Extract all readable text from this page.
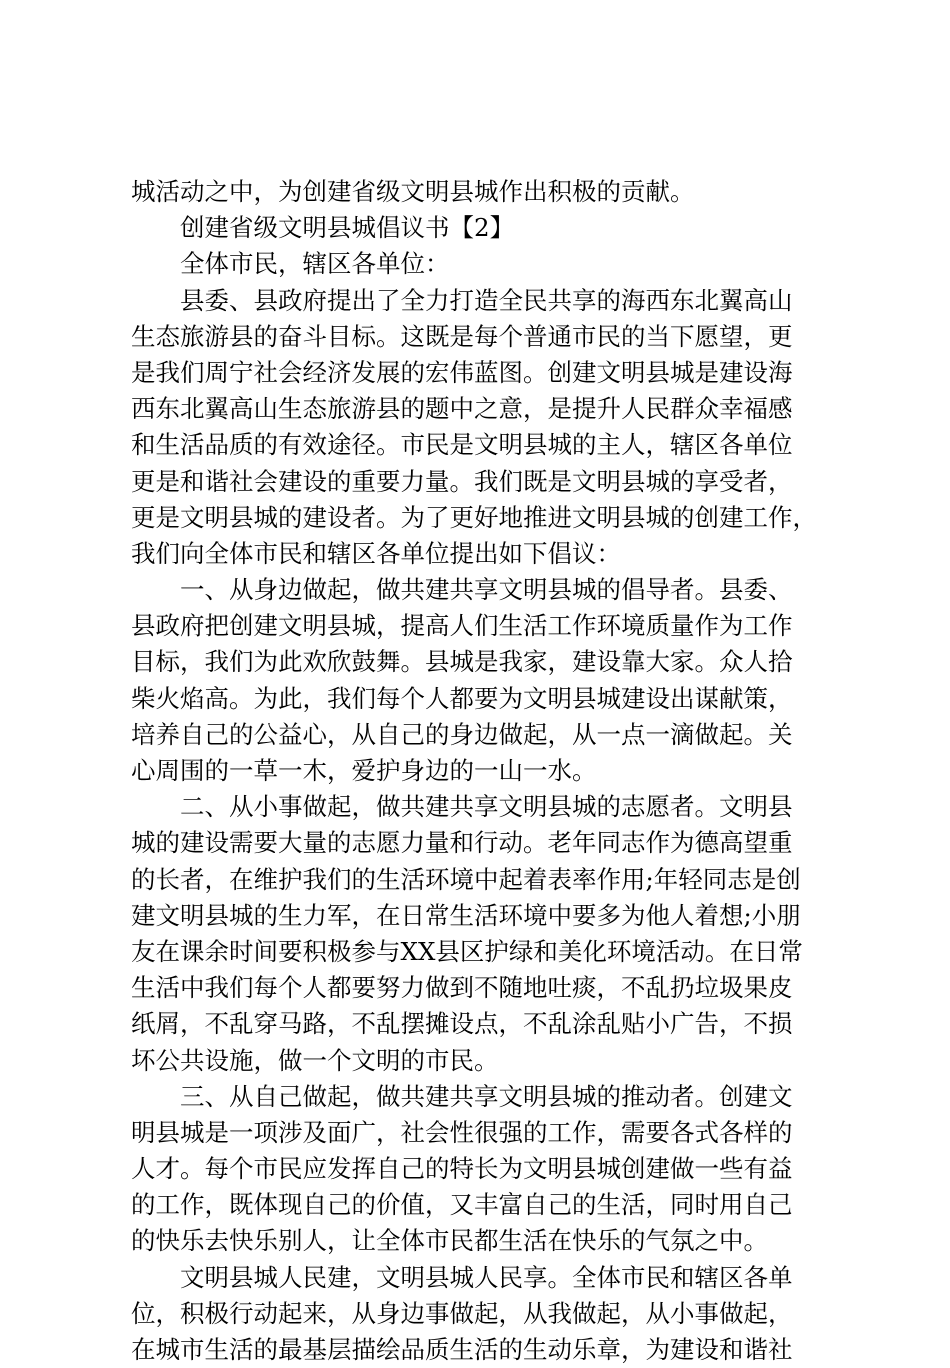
城活动之中，为创建省级文明县城作出积极的贡献。
创建省级文明县城倡议书【2】
全体市民，辖区各单位：
县委、县政府提出了全力打造全民共享的海西东北翼高山
生态旅游县的奋斗目标。这既是每个普通市民的当下愿望，更
是我们周宁社会经济发展的宏伟蓝图。创建文明县城是建设海
西东北翼高山生态旅游县的题中之意，是提升人民群众幸福感
和生活品质的有效途径。市民是文明县城的主人，辖区各单位
更是和谐社会建设的重要力量。我们既是文明县城的享受者，
更是文明县城的建设者。为了更好地推进文明县城的创建工作，
我们向全体市民和辖区各单位提出如下倡议：
一、从身边做起，做共建共享文明县城的倡导者。县委、
县政府把创建文明县城，提高人们生活工作环境质量作为工作
目标，我们为此欢欣鼓舞。县城是我家，建设靠大家。众人拾
柴火焰高。为此，我们每个人都要为文明县城建设出谋献策，
培养自己的公益心，从自己的身边做起，从一点一滴做起。关
心周围的一草一木，爱护身边的一山一水。
二、从小事做起，做共建共享文明县城的志愿者。文明县
城的建设需要大量的志愿力量和行动。老年同志作为德高望重
的长者，在维护我们的生活环境中起着表率作用;年轻同志是创
建文明县城的生力军，在日常生活环境中要多为他人着想;小朋
友在课余时间要积极参与XX县区护绿和美化环境活动。在日常
生活中我们每个人都要努力做到不随地吐痰，不乱扔垃圾果皮
纸屑，不乱穿马路，不乱摆摊设点，不乱涂乱贴小广告，不损
坏公共设施，做一个文明的市民。
三、从自己做起，做共建共享文明县城的推动者。创建文
明县城是一项涉及面广，社会性很强的工作，需要各式各样的
人才。每个市民应发挥自己的特长为文明县城创建做一些有益
的工作，既体现自己的价值，又丰富自己的生活，同时用自己
的快乐去快乐别人，让全体市民都生活在快乐的气氛之中。
文明县城人民建，文明县城人民享。全体市民和辖区各单
位，积极行动起来，从身边事做起，从我做起，从小事做起，
在城市生活的最基层描绘品质生活的生动乐章，为建设和谐社
